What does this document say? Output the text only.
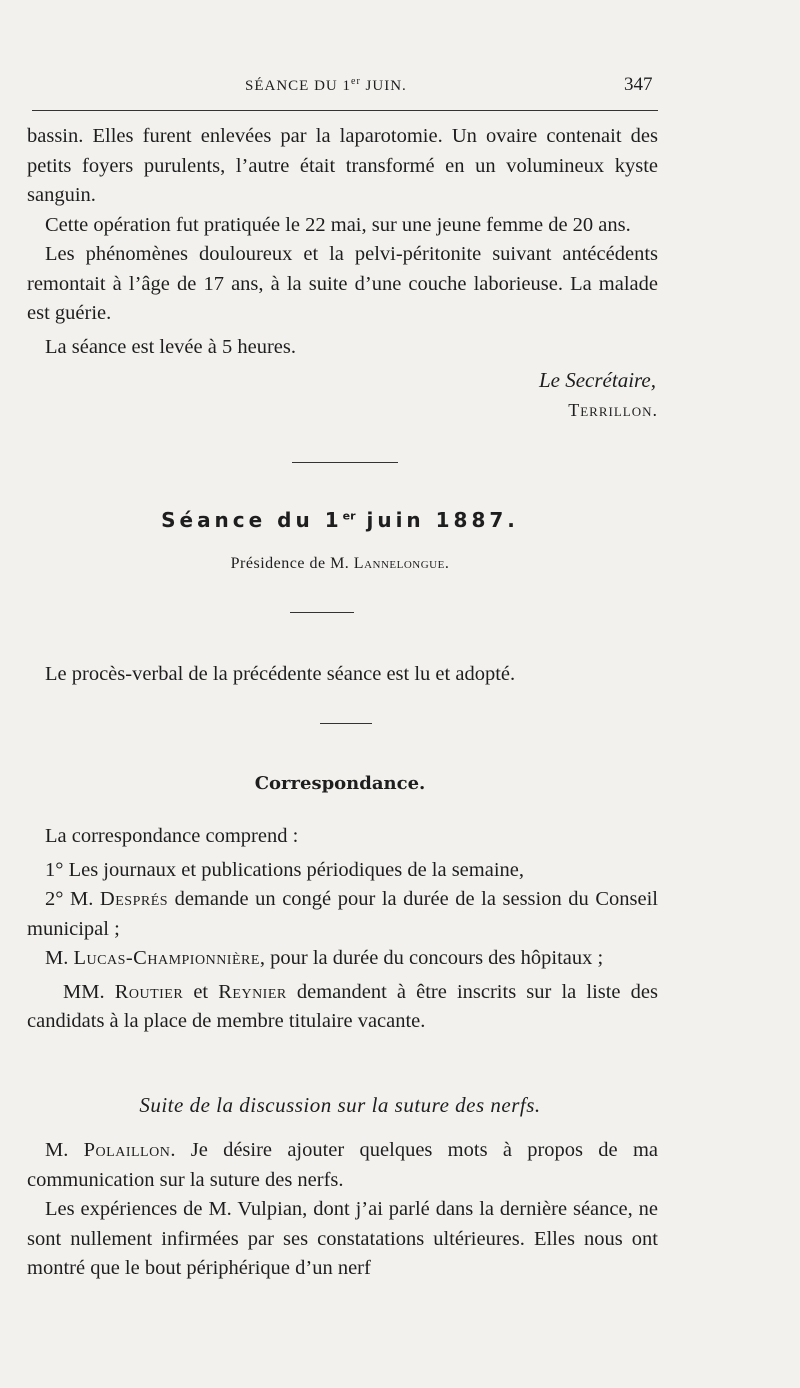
SÉANCE DU 1er JUIN.	347

bassin. Elles furent enlevées par la laparotomie. Un ovaire contenait des petits foyers purulents, l’autre était transformé en un volumineux kyste sanguin.

Cette opération fut pratiquée le 22 mai, sur une jeune femme de 20 ans.

Les phénomènes douloureux et la pelvi-péritonite suivant antécédents remontait à l’âge de 17 ans, à la suite d’une couche laborieuse. La malade est guérie.

La séance est levée à 5 heures.

Le Secrétaire,

Terrillon.

Séance du 1er juin 1887.
Présidence de M. Lannelongue.

Le procès-verbal de la précédente séance est lu et adopté.

Correspondance.

La correspondance comprend :

1° Les journaux et publications périodiques de la semaine,

2° M. Després demande un congé pour la durée de la session du Conseil municipal ;

M. Lucas-Championnière, pour la durée du concours des hôpitaux ;

MM. Routier et Reynier demandent à être inscrits sur la liste des candidats à la place de membre titulaire vacante.

Suite de la discussion sur la suture des nerfs.

M. Polaillon. Je désire ajouter quelques mots à propos de ma communication sur la suture des nerfs.

Les expériences de M. Vulpian, dont j’ai parlé dans la dernière séance, ne sont nullement infirmées par ses constatations ultérieures. Elles nous ont montré que le bout périphérique d’un nerf
